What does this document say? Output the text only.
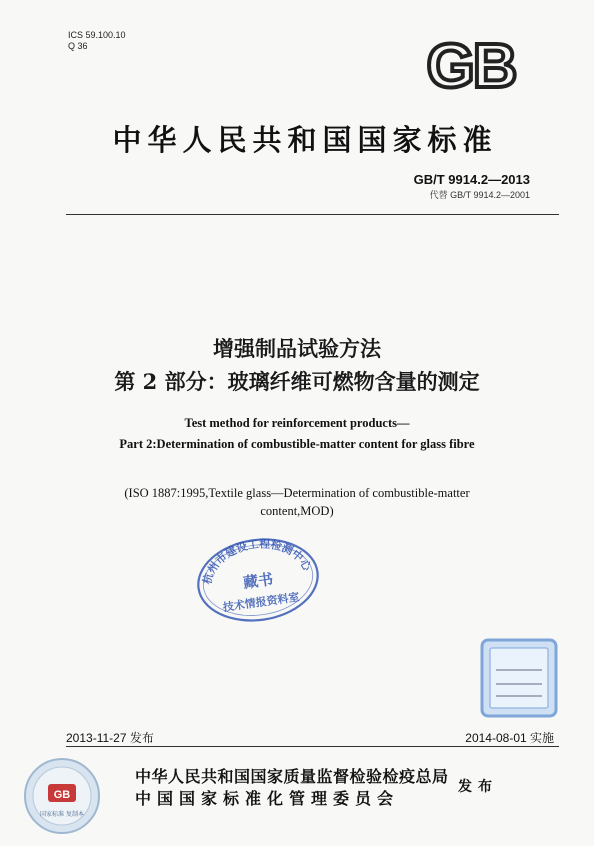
ICS 59.100.10
Q 36	GB
中华人民共和国国家标准
GB/T 9914.2—2013
代替 GB/T 9914.2—2001
增强制品试验方法
第 2 部分：玻璃纤维可燃物含量的测定
Test method for reinforcement products—
Part 2:Determination of combustible-matter content for glass fibre
(ISO 1887:1995,Textile glass—Determination of combustible-matter
content,MOD)
杭州市建设工程检测中心
藏书
技术情报资料室
2013-11-27 发布	2014-08-01 实施
GB
国家标准 复制本
中华人民共和国国家质量监督检验检疫总局
中国国家标准化管理委员会
发布
